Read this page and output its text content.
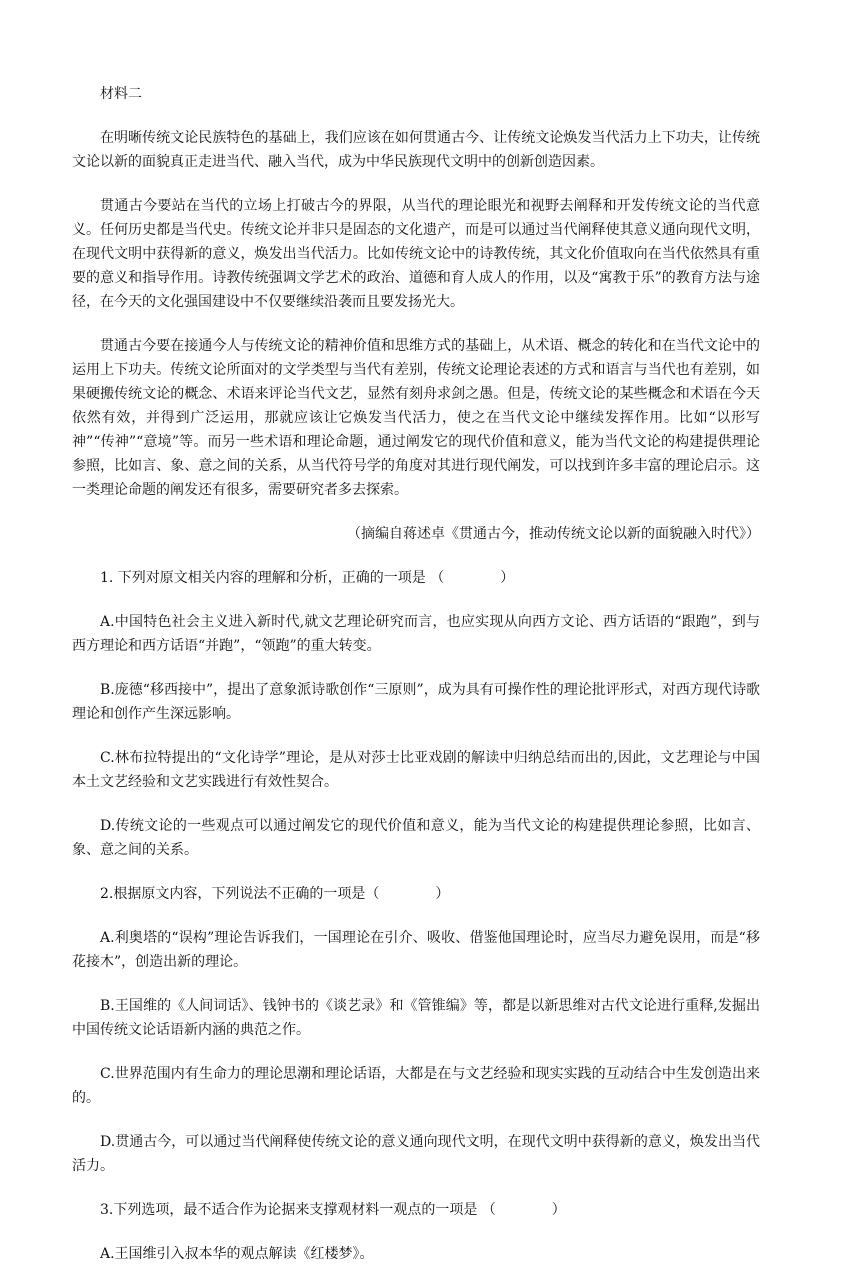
材料二

在明晰传统文论民族特色的基础上，我们应该在如何贯通古今、让传统文论焕发当代活力上下功夫，让传统文论以新的面貌真正走进当代、融入当代，成为中华民族现代文明中的创新创造因素。

贯通古今要站在当代的立场上打破古今的界限，从当代的理论眼光和视野去阐释和开发传统文论的当代意义。任何历史都是当代史。传统文论并非只是固态的文化遗产，而是可以通过当代阐释使其意义通向现代文明，在现代文明中获得新的意义，焕发出当代活力。比如传统文论中的诗教传统，其文化价值取向在当代依然具有重要的意义和指导作用。诗教传统强调文学艺术的政治、道德和育人成人的作用，以及“寓教于乐”的教育方法与途径，在今天的文化强国建设中不仅要继续沿袭而且要发扬光大。

贯通古今要在接通今人与传统文论的精神价值和思维方式的基础上，从术语、概念的转化和在当代文论中的运用上下功夫。传统文论所面对的文学类型与当代有差别，传统文论理论表述的方式和语言与当代也有差别，如果硬搬传统文论的概念、术语来评论当代文艺，显然有刻舟求剑之愚。但是，传统文论的某些概念和术语在今天依然有效，并得到广泛运用，那就应该让它焕发当代活力，使之在当代文论中继续发挥作用。比如“以形写神”“传神”“意境”等。而另一些术语和理论命题，通过阐发它的现代价值和意义，能为当代文论的构建提供理论参照，比如言、象、意之间的关系，从当代符号学的角度对其进行现代阐发，可以找到许多丰富的理论启示。这一类理论命题的阐发还有很多，需要研究者多去探索。

（摘编自蒋述卓《贯通古今，推动传统文论以新的面貌融入时代》）

1. 下列对原文相关内容的理解和分析，正确的一项是 （　　　　）

A.中国特色社会主义进入新时代,就文艺理论研究而言，也应实现从向西方文论、西方话语的“跟跑”，到与西方理论和西方话语“并跑”，“领跑”的重大转变。

B.庞德“移西接中”，提出了意象派诗歌创作“三原则”，成为具有可操作性的理论批评形式，对西方现代诗歌理论和创作产生深远影响。

C.林布拉特提出的“文化诗学”理论，是从对莎士比亚戏剧的解读中归纳总结而出的,因此，文艺理论与中国本土文艺经验和文艺实践进行有效性契合。

D.传统文论的一些观点可以通过阐发它的现代价值和意义，能为当代文论的构建提供理论参照，比如言、象、意之间的关系。

2.根据原文内容，下列说法不正确的一项是（　　　　）

A.利奥塔的“误构”理论告诉我们，一国理论在引介、吸收、借鉴他国理论时，应当尽力避免误用，而是“移花接木”，创造出新的理论。

B.王国维的《人间词话》、钱钟书的《谈艺录》和《管锥编》等，都是以新思维对古代文论进行重释,发掘出中国传统文论话语新内涵的典范之作。

C.世界范围内有生命力的理论思潮和理论话语，大都是在与文艺经验和现实实践的互动结合中生发创造出来的。

D.贯通古今，可以通过当代阐释使传统文论的意义通向现代文明，在现代文明中获得新的意义，焕发出当代活力。

3.下列选项，最不适合作为论据来支撑观材料一观点的一项是 （　　　　）

A.王国维引入叔本华的观点解读《红楼梦》。
